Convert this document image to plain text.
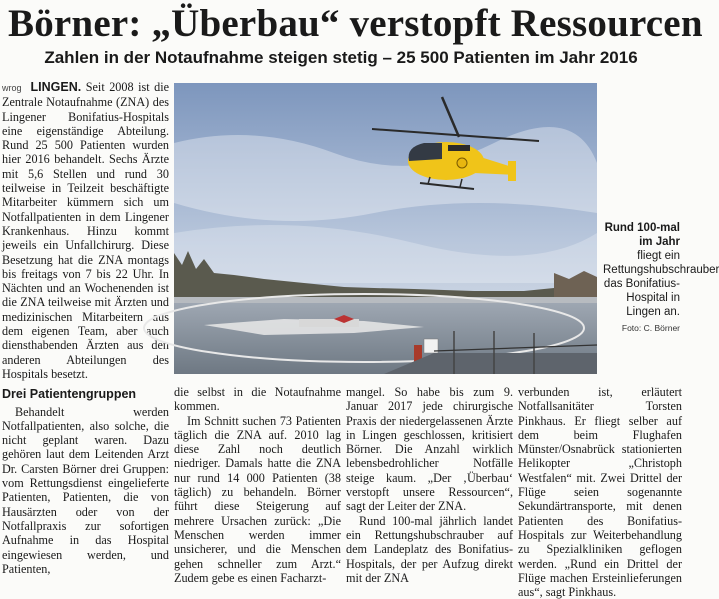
Börner: „Überbau“ verstopft Ressourcen
Zahlen in der Notaufnahme steigen stetig – 25 500 Patienten im Jahr 2016

wrog LINGEN. Seit 2008 ist die Zentrale Notaufnahme (ZNA) des Lingener Bonifatius-Hospitals eine eigenständige Abteilung. Rund 25 500 Patienten wurden hier 2016 behandelt. Sechs Ärzte mit 5,6 Stellen und rund 30 teilweise in Teilzeit beschäftigte Mitarbeiter kümmern sich um Notfallpatienten in dem Lingener Krankenhaus. Hinzu kommt jeweils ein Unfallchirurg. Diese Besetzung hat die ZNA montags bis freitags von 7 bis 22 Uhr. In Nächten und an Wochenenden ist die ZNA teilweise mit Ärzten und medizinischen Mitarbeitern aus dem eigenen Team, aber auch diensthabenden Ärzten aus den anderen Abteilungen des Hospitals besetzt.

Drei Patientengruppen

Behandelt werden Notfallpatienten, also solche, die nicht geplant waren. Dazu gehören laut dem Leitenden Arzt Dr. Carsten Börner drei Gruppen: vom Rettungsdienst eingelieferte Patienten, Patienten, die von Hausärzten oder von der Notfallpraxis zur sofortigen Aufnahme in das Hospital eingewiesen werden, und Patienten,

Rund 100-mal im Jahr
fliegt ein Rettungshubschrauber das Bonifatius-Hospital in Lingen an.
Foto: C. Börner

die selbst in die Notaufnahme kommen.

Im Schnitt suchen 73 Patienten täglich die ZNA auf. 2010 lag diese Zahl noch deutlich niedriger. Damals hatte die ZNA nur rund 14 000 Patienten (38 täglich) zu behandeln. Börner führt diese Steigerung auf mehrere Ursachen zurück: „Die Menschen werden immer unsicherer, und die Menschen gehen schneller zum Arzt.“ Zudem gebe es einen Facharzt-

mangel. So habe bis zum 9. Januar 2017 jede chirurgische Praxis der niedergelassenen Ärzte in Lingen geschlossen, kritisiert Börner. Die Anzahl wirklich lebensbedrohlicher Notfälle steige kaum. „Der ‚Überbau‘ verstopft unsere Ressourcen“, sagt der Leiter der ZNA.

Rund 100-mal jährlich landet ein Rettungshubschrauber auf dem Landeplatz des Bonifatius-Hospitals, der per Aufzug direkt mit der ZNA

verbunden ist, erläutert Notfallsanitäter Torsten Pinkhaus. Er fliegt selber auf dem beim Flughafen Münster/Osnabrück stationierten Helikopter „Christoph Westfalen“ mit. Zwei Drittel der Flüge seien sogenannte Sekundärtransporte, mit denen Patienten des Bonifatius-Hospitals zur Weiterbehandlung zu Spezialkliniken geflogen werden. „Rund ein Drittel der Flüge machen Ersteinlieferungen aus“, sagt Pinkhaus.
